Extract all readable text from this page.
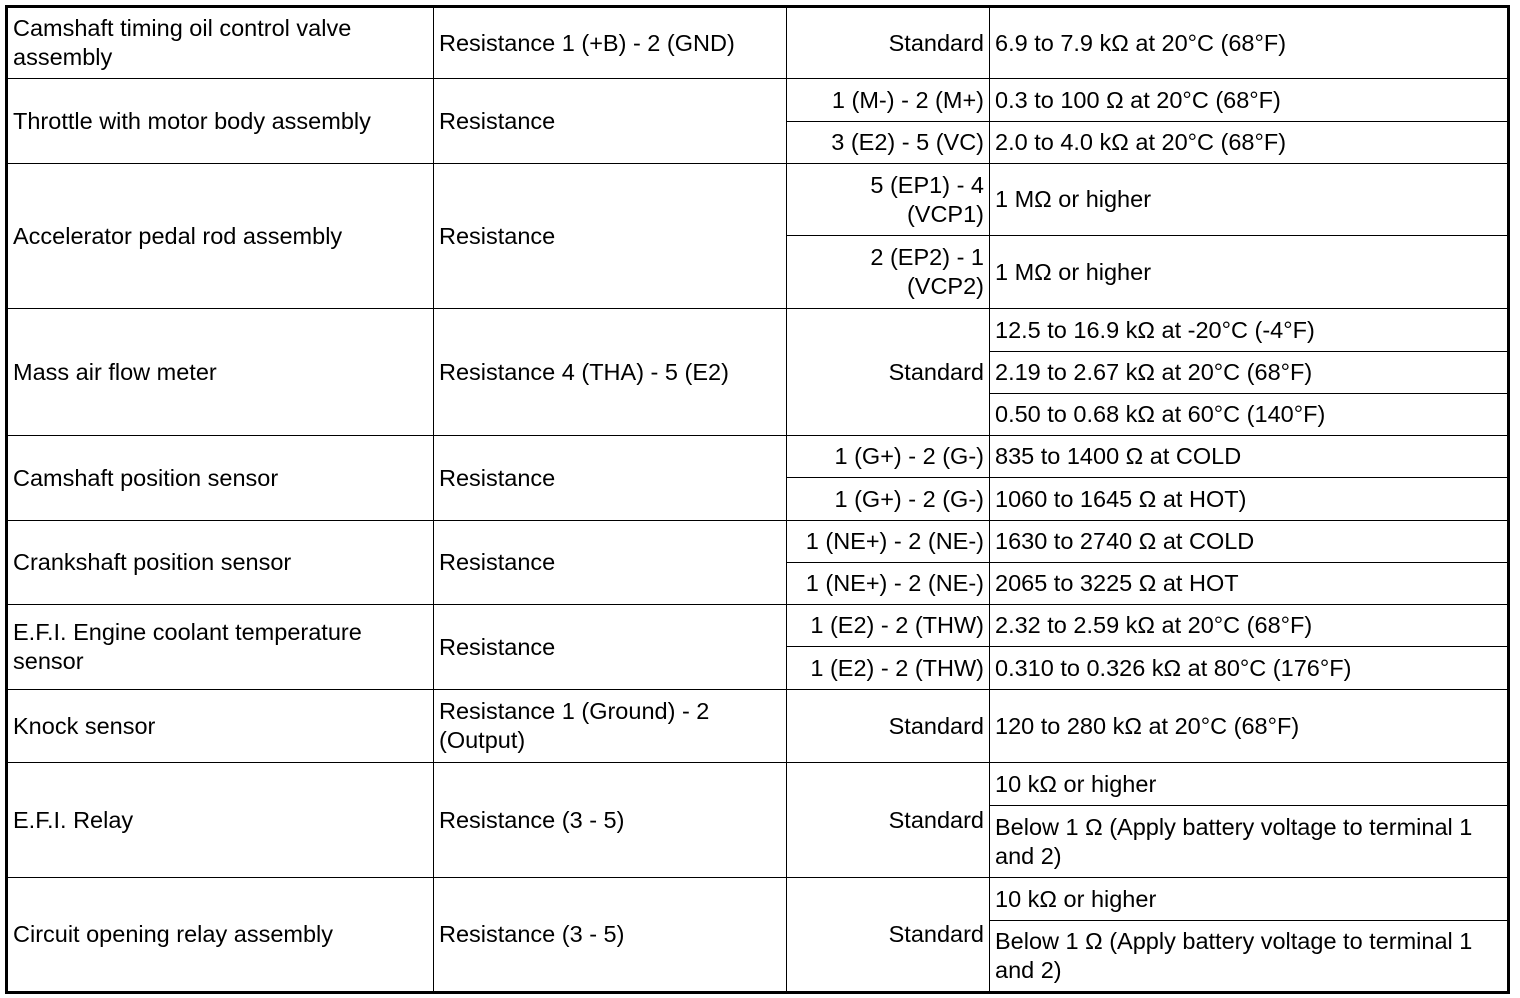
Camshaft timing oil control valve assembly	Resistance 1 (+B) - 2 (GND)	Standard	6.9 to 7.9 kΩ at 20°C (68°F)
Throttle with motor body assembly	Resistance	1 (M-) - 2 (M+)	0.3 to 100 Ω at 20°C (68°F)
		3 (E2) - 5 (VC)	2.0 to 4.0 kΩ at 20°C (68°F)
Accelerator pedal rod assembly	Resistance	5 (EP1) - 4 (VCP1)	1 MΩ or higher
		2 (EP2) - 1 (VCP2)	1 MΩ or higher
Mass air flow meter	Resistance 4 (THA) - 5 (E2)	Standard	12.5 to 16.9 kΩ at -20°C (-4°F)
			2.19 to 2.67 kΩ at 20°C (68°F)
			0.50 to 0.68 kΩ at 60°C (140°F)
Camshaft position sensor	Resistance	1 (G+) - 2 (G-)	835 to 1400 Ω at COLD
		1 (G+) - 2 (G-)	1060 to 1645 Ω at HOT)
Crankshaft position sensor	Resistance	1 (NE+) - 2 (NE-)	1630 to 2740 Ω at COLD
		1 (NE+) - 2 (NE-)	2065 to 3225 Ω at HOT
E.F.I. Engine coolant temperature sensor	Resistance	1 (E2) - 2 (THW)	2.32 to 2.59 kΩ at 20°C (68°F)
		1 (E2) - 2 (THW)	0.310 to 0.326 kΩ at 80°C (176°F)
Knock sensor	Resistance 1 (Ground) - 2 (Output)	Standard	120 to 280 kΩ at 20°C (68°F)
E.F.I. Relay	Resistance (3 - 5)	Standard	10 kΩ or higher
			Below 1 Ω (Apply battery voltage to terminal 1 and 2)
Circuit opening relay assembly	Resistance (3 - 5)	Standard	10 kΩ or higher
			Below 1 Ω (Apply battery voltage to terminal 1 and 2)
